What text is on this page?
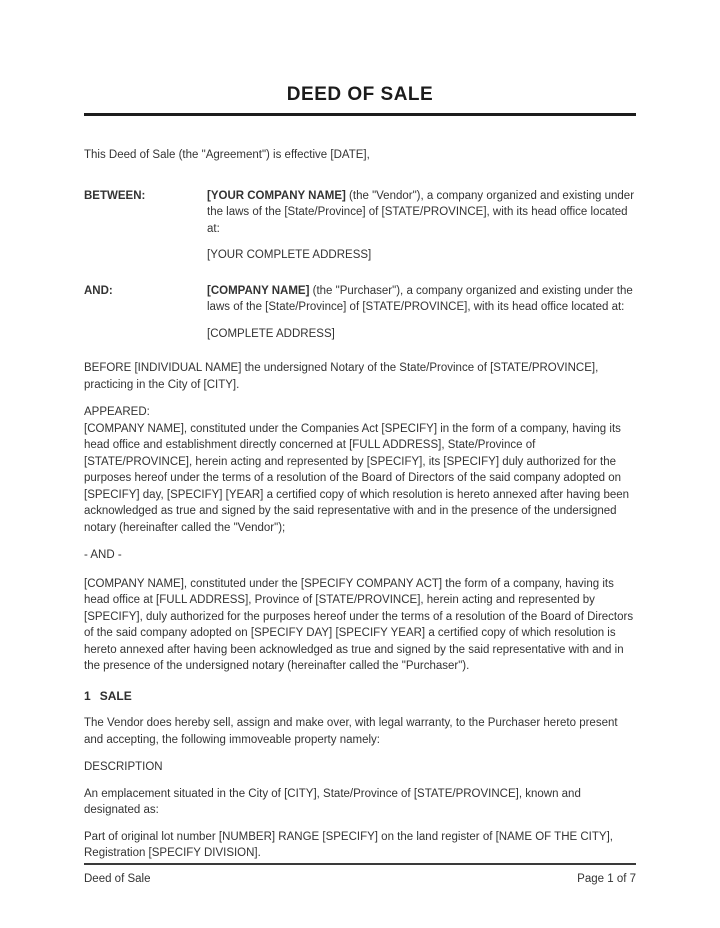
DEED OF SALE

This Deed of Sale (the "Agreement") is effective [DATE],

BETWEEN:	[YOUR COMPANY NAME] (the "Vendor"), a company organized and existing under the laws of the [State/Province] of [STATE/PROVINCE], with its head office located at:

[YOUR COMPLETE ADDRESS]

AND:	[COMPANY NAME] (the "Purchaser"), a company organized and existing under the laws of the [State/Province] of [STATE/PROVINCE], with its head office located at:

[COMPLETE ADDRESS]

BEFORE [INDIVIDUAL NAME] the undersigned Notary of the State/Province of [STATE/PROVINCE], practicing in the City of [CITY].

APPEARED:

[COMPANY NAME], constituted under the Companies Act [SPECIFY] in the form of a company, having its head office and establishment directly concerned at [FULL ADDRESS], State/Province of [STATE/PROVINCE], herein acting and represented by [SPECIFY], its [SPECIFY] duly authorized for the purposes hereof under the terms of a resolution of the Board of Directors of the said company adopted on [SPECIFY] day, [SPECIFY] [YEAR] a certified copy of which resolution is hereto annexed after having been acknowledged as true and signed by the said representative with and in the presence of the undersigned notary (hereinafter called the "Vendor");

- AND -

[COMPANY NAME], constituted under the [SPECIFY COMPANY ACT] the form of a company, having its head office at [FULL ADDRESS], Province of [STATE/PROVINCE], herein acting and represented by [SPECIFY], duly authorized for the purposes hereof under the terms of a resolution of the Board of Directors of the said company adopted on [SPECIFY DAY] [SPECIFY YEAR] a certified copy of which resolution is hereto annexed after having been acknowledged as true and signed by the said representative with and in the presence of the undersigned notary (hereinafter called the "Purchaser").

1 SALE

The Vendor does hereby sell, assign and make over, with legal warranty, to the Purchaser hereto present and accepting, the following immoveable property namely:

DESCRIPTION

An emplacement situated in the City of [CITY], State/Province of [STATE/PROVINCE], known and designated as:

Part of original lot number [NUMBER] RANGE [SPECIFY] on the land register of [NAME OF THE CITY], Registration [SPECIFY DIVISION].

Deed of Sale	Page 1 of 7
